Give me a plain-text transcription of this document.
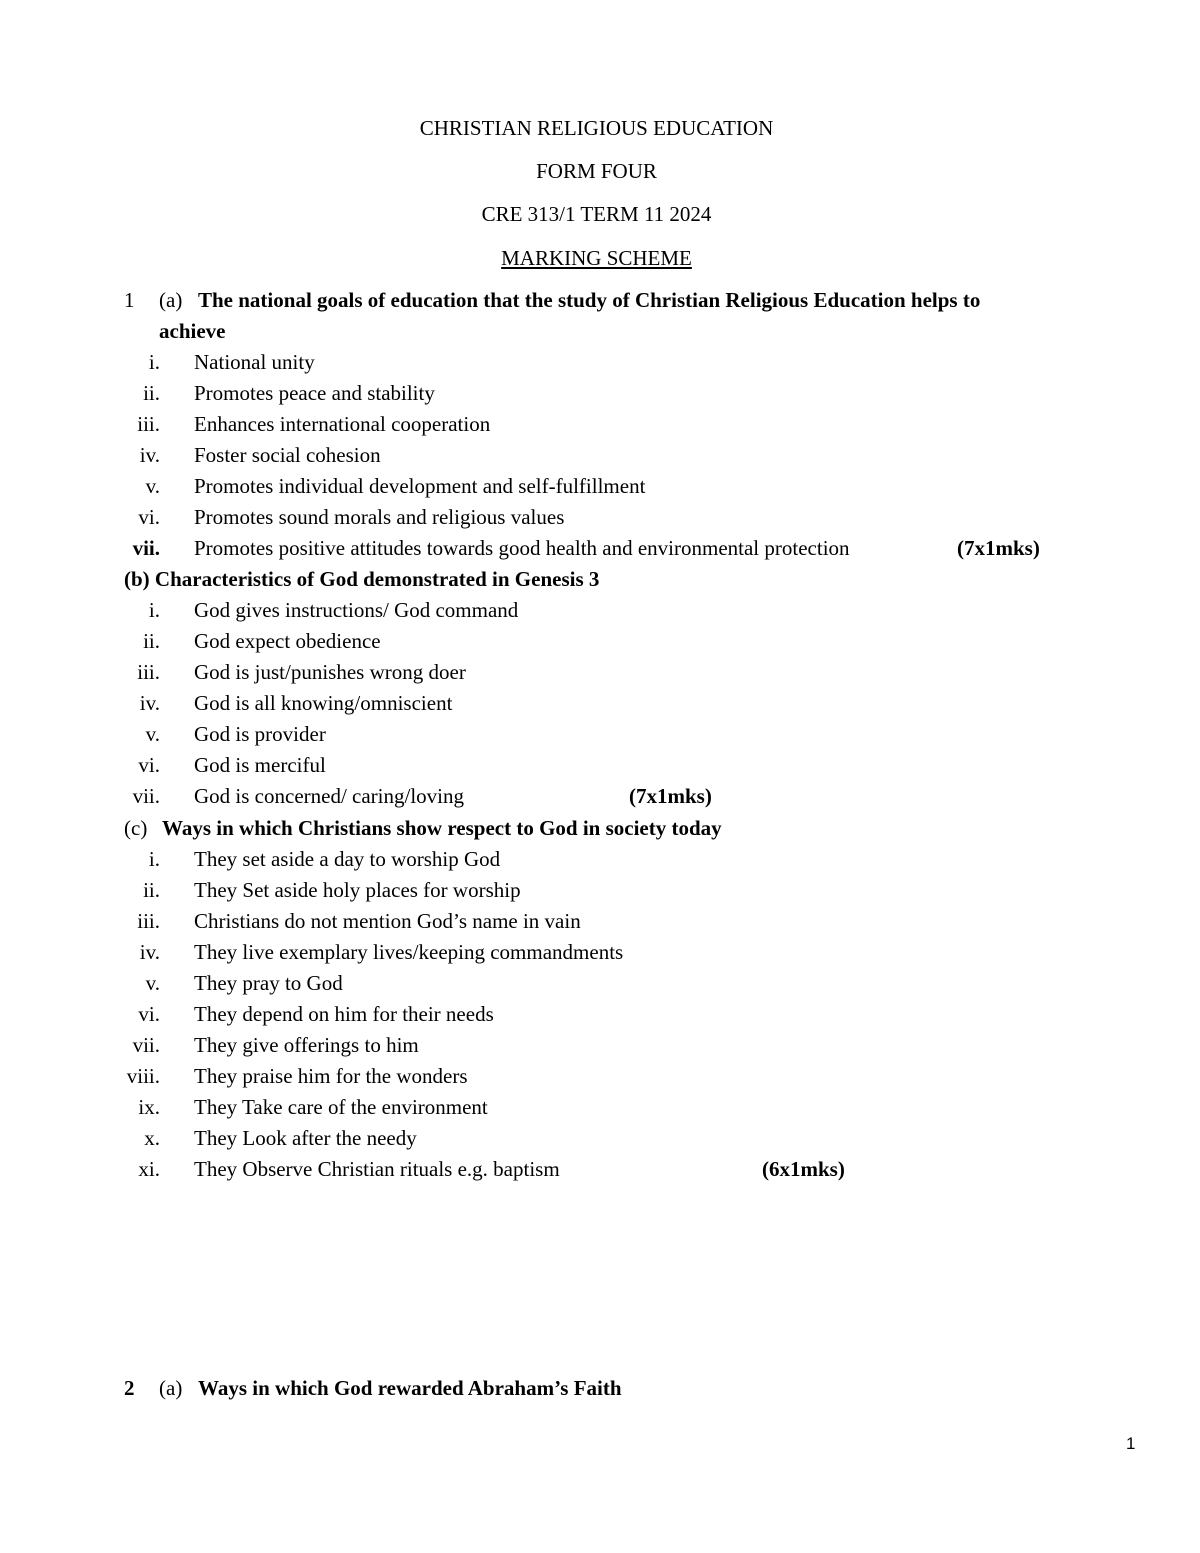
CHRISTIAN RELIGIOUS EDUCATION
FORM FOUR
CRE 313/1 TERM 11 2024
MARKING SCHEME
1 (a) The national goals of education that the study of Christian Religious Education helps to
achieve
i. National unity
ii. Promotes peace and stability
iii. Enhances international cooperation
iv. Foster social cohesion
v. Promotes individual development and self-fulfillment
vi. Promotes sound morals and religious values
vii. Promotes positive attitudes towards good health and environmental protection	(7x1mks)
(b) Characteristics of God demonstrated in Genesis 3
i. God gives instructions/ God command
ii. God expect obedience
iii. God is just/punishes wrong doer
iv. God is all knowing/omniscient
v. God is provider
vi. God is merciful
vii. God is concerned/ caring/loving	(7x1mks)
(c) Ways in which Christians show respect to God in society today
i. They set aside a day to worship God
ii. They Set aside holy places for worship
iii. Christians do not mention God’s name in vain
iv. They live exemplary lives/keeping commandments
v. They pray to God
vi. They depend on him for their needs
vii. They give offerings to him
viii. They praise him for the wonders
ix. They Take care of the environment
x. They Look after the needy
xi. They Observe Christian rituals e.g. baptism	(6x1mks)
2 (a) Ways in which God rewarded Abraham’s Faith
1
